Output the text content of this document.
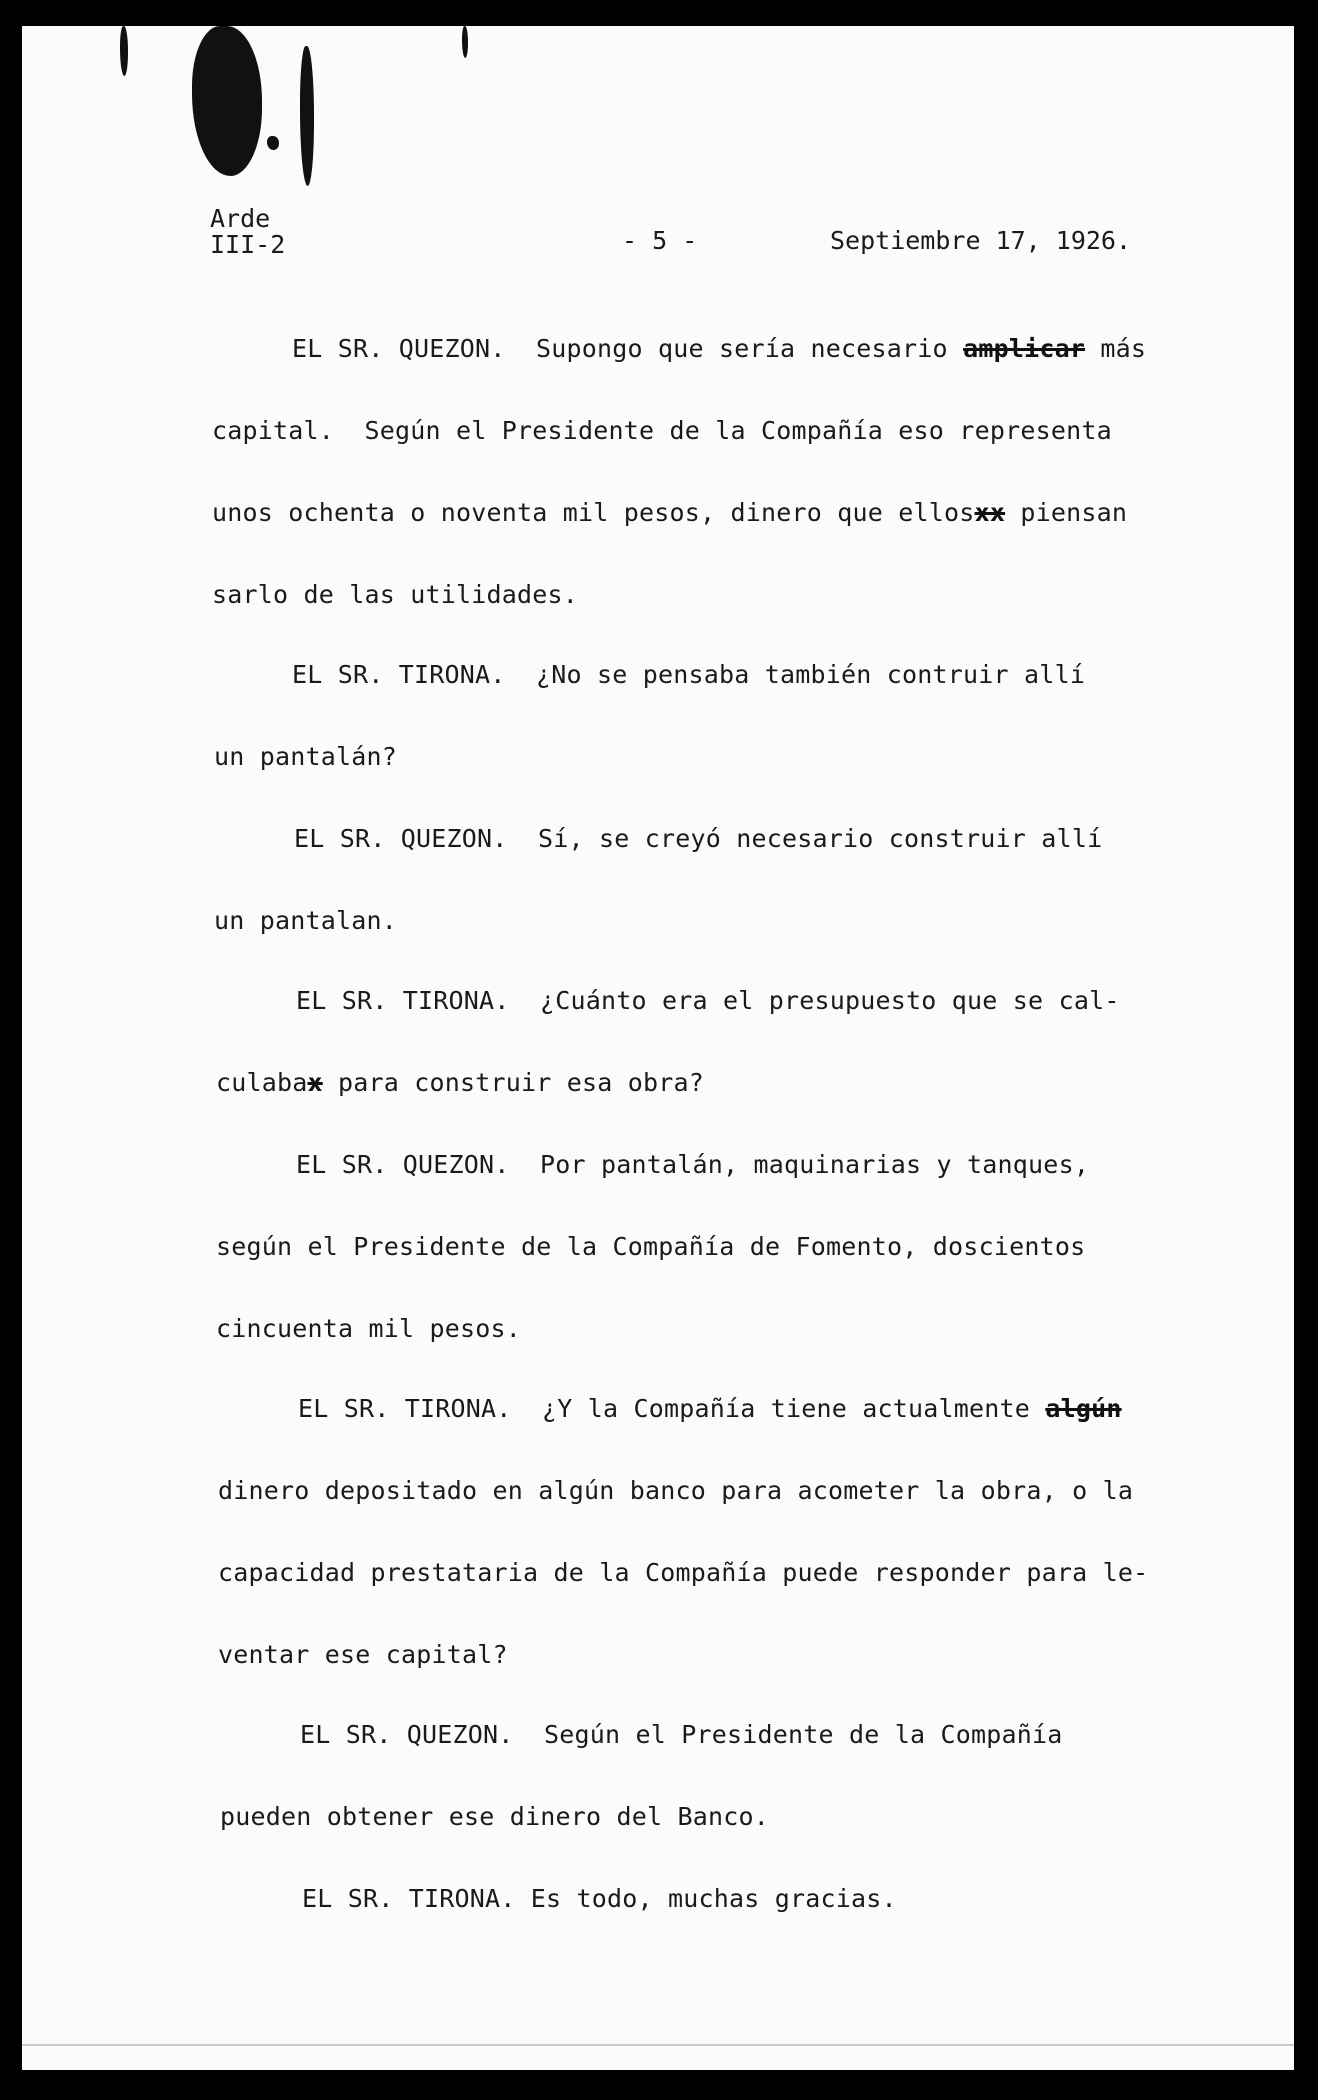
Arde
III-2	- 5 -	Septiembre 17, 1926.
EL SR. QUEZON.  Supongo que sería necesario amplicar más
capital.  Según el Presidente de la Compañía eso representa
unos ochenta o noventa mil pesos, dinero que ellosxx piensan
sarlo de las utilidades.
EL SR. TIRONA.  ¿No se pensaba también contruir allí
un pantalán?
EL SR. QUEZON.  Sí, se creyó necesario construir allí
un pantalan.
EL SR. TIRONA.  ¿Cuánto era el presupuesto que se cal-
culabax para construir esa obra?
EL SR. QUEZON.  Por pantalán, maquinarias y tanques,
según el Presidente de la Compañía de Fomento, doscientos
cincuenta mil pesos.
EL SR. TIRONA.  ¿Y la Compañía tiene actualmente algún
dinero depositado en algún banco para acometer la obra, o la
capacidad prestataria de la Compañía puede responder para le-
ventar ese capital?
EL SR. QUEZON.  Según el Presidente de la Compañía
pueden obtener ese dinero del Banco.
EL SR. TIRONA. Es todo, muchas gracias.
